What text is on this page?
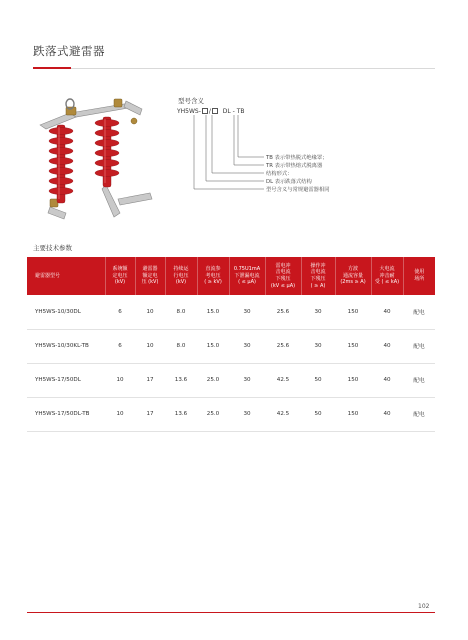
跌落式避雷器
型号含义
YH5WS- / DL - TB
TB 表示带热脱式绝缘罩；
TR 表示带热熔式脱离器
结构形式：
DL 表示跌落式结构
型号含义与常规避雷器相同
主要技术参数
避雷器型号	系统额
定电压
(kV)	避雷器
额定电
压 (kV)	持续运
行电压
(kV)	直流参
考电压
( ≥ kV)	0.75U1mA
下泄漏电流
( ≤ μA)	雷电冲
击电流
下残压
(kV ≤ μA)	操作冲
击电流
下残压
( ≥ A)	方波
通流容量
(2ms ≥ A)	大电流
冲击耐
受 ( ≤ kA)	使用
场所
YH5WS-10/30DL	6	10	8.0	15.0	30	25.6	30	150	40	配电
YH5WS-10/30KL-TB	6	10	8.0	15.0	30	25.6	30	150	40	配电
YH5WS-17/50DL	10	17	13.6	25.0	30	42.5	50	150	40	配电
YH5WS-17/50DL-TB	10	17	13.6	25.0	30	42.5	50	150	40	配电
102
